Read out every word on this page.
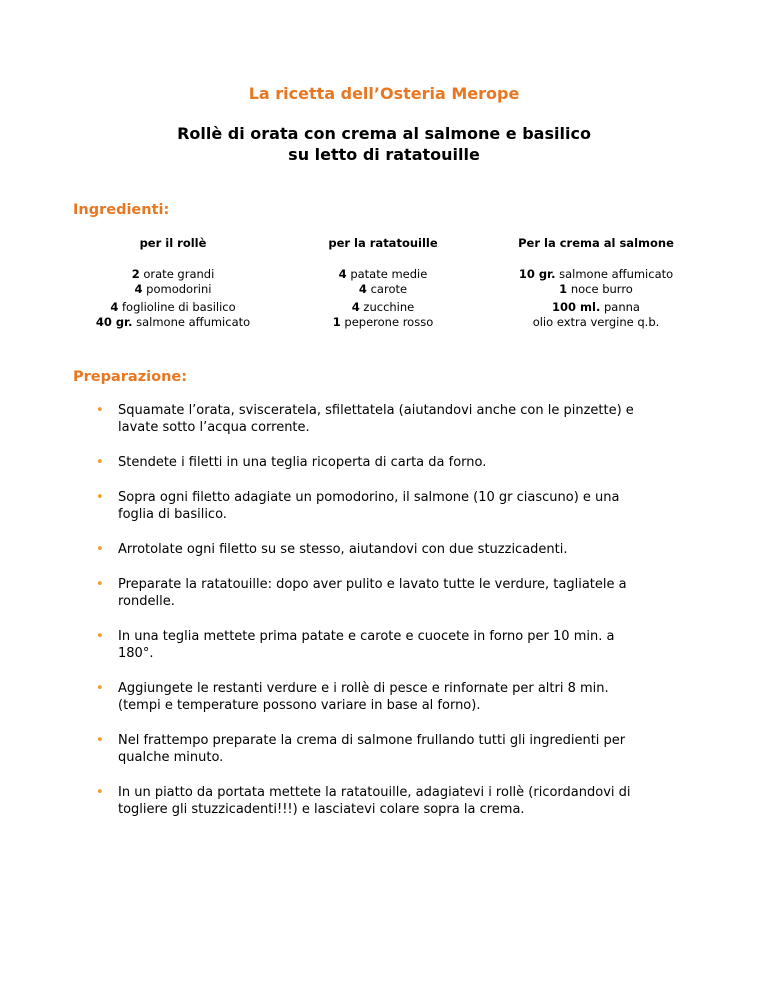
La ricetta dell’Osteria Merope
Rollè di orata con crema al salmone e basilico
su letto di ratatouille
Ingredienti:
per il rollè
2 orate grandi
4 pomodorini
4 foglioline di basilico
40 gr. salmone affumicato
per la ratatouille
4 patate medie
4 carote
4 zucchine
1 peperone rosso
Per la crema al salmone
10 gr. salmone affumicato
1 noce burro
100 ml. panna
olio extra vergine q.b.
Preparazione:
• Squamate l’orata, svisceratela, sfilettatela (aiutandovi anche con le pinzette) e
lavate sotto l’acqua corrente.
• Stendete i filetti in una teglia ricoperta di carta da forno.
• Sopra ogni filetto adagiate un pomodorino, il salmone (10 gr ciascuno) e una
foglia di basilico.
• Arrotolate ogni filetto su se stesso, aiutandovi con due stuzzicadenti.
• Preparate la ratatouille: dopo aver pulito e lavato tutte le verdure, tagliatele a
rondelle.
• In una teglia mettete prima patate e carote e cuocete in forno per 10 min. a
180°.
• Aggiungete le restanti verdure e i rollè di pesce e rinfornate per altri 8 min.
(tempi e temperature possono variare in base al forno).
• Nel frattempo preparate la crema di salmone frullando tutti gli ingredienti per
qualche minuto.
• In un piatto da portata mettete la ratatouille, adagiatevi i rollè (ricordandovi di
togliere gli stuzzicadenti!!!) e lasciatevi colare sopra la crema.
